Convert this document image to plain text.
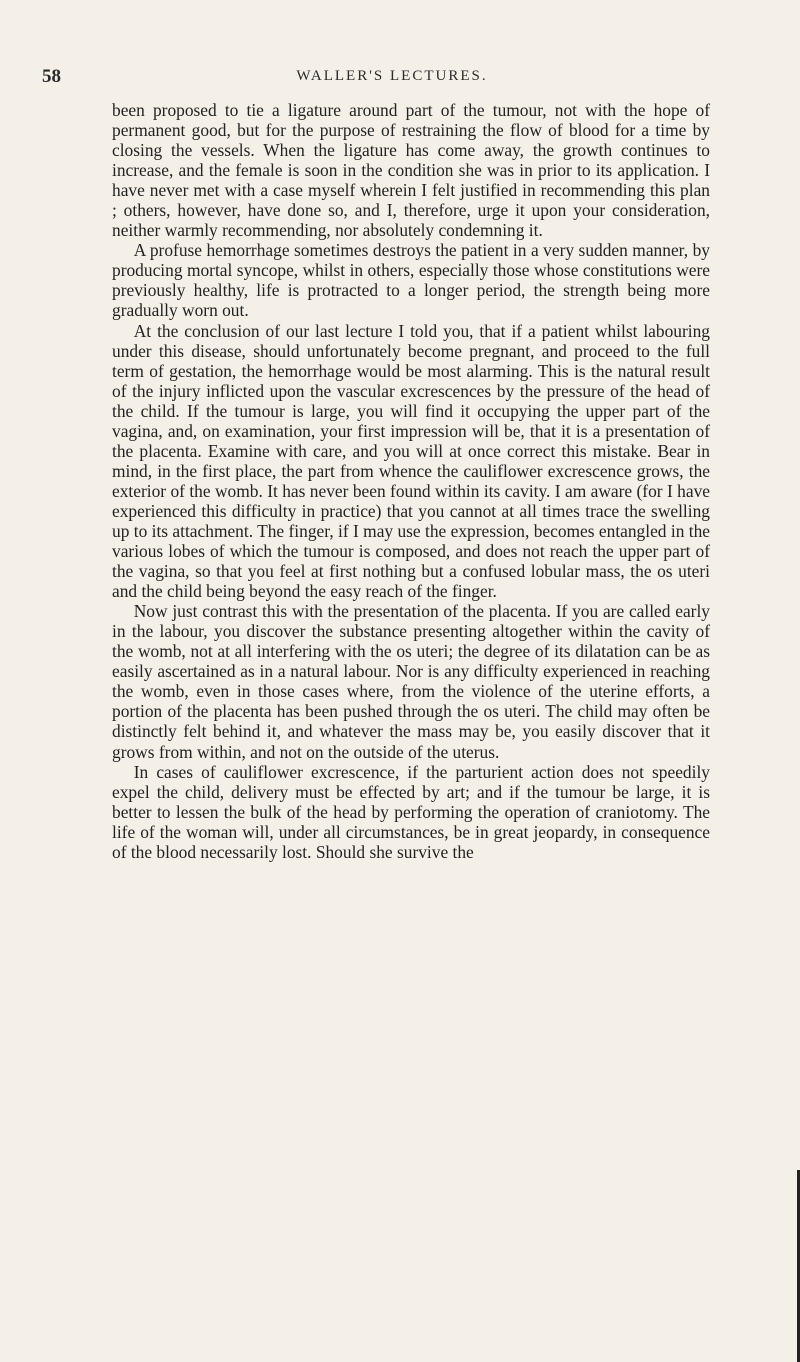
58	WALLER'S LECTURES.

been proposed to tie a ligature around part of the tumour, not with the hope of permanent good, but for the purpose of restraining the flow of blood for a time by closing the vessels. When the ligature has come away, the growth continues to increase, and the female is soon in the condition she was in prior to its application. I have never met with a case myself wherein I felt justified in recommending this plan ; others, however, have done so, and I, therefore, urge it upon your consideration, neither warmly recommending, nor absolutely condemning it.

A profuse hemorrhage sometimes destroys the patient in a very sudden manner, by producing mortal syncope, whilst in others, especially those whose constitutions were previously healthy, life is protracted to a longer period, the strength being more gradually worn out.

At the conclusion of our last lecture I told you, that if a patient whilst labouring under this disease, should unfortunately become pregnant, and proceed to the full term of gestation, the hemorrhage would be most alarming. This is the natural result of the injury inflicted upon the vascular excrescences by the pressure of the head of the child. If the tumour is large, you will find it occupying the upper part of the vagina, and, on examination, your first impression will be, that it is a presentation of the placenta. Examine with care, and you will at once correct this mistake. Bear in mind, in the first place, the part from whence the cauliflower excrescence grows, the exterior of the womb. It has never been found within its cavity. I am aware (for I have experienced this difficulty in practice) that you cannot at all times trace the swelling up to its attachment. The finger, if I may use the expression, becomes entangled in the various lobes of which the tumour is composed, and does not reach the upper part of the vagina, so that you feel at first nothing but a confused lobular mass, the os uteri and the child being beyond the easy reach of the finger.

Now just contrast this with the presentation of the placenta. If you are called early in the labour, you discover the substance presenting altogether within the cavity of the womb, not at all interfering with the os uteri; the degree of its dilatation can be as easily ascertained as in a natural labour. Nor is any difficulty experienced in reaching the womb, even in those cases where, from the violence of the uterine efforts, a portion of the placenta has been pushed through the os uteri. The child may often be distinctly felt behind it, and whatever the mass may be, you easily discover that it grows from within, and not on the outside of the uterus.

In cases of cauliflower excrescence, if the parturient action does not speedily expel the child, delivery must be effected by art; and if the tumour be large, it is better to lessen the bulk of the head by performing the operation of craniotomy. The life of the woman will, under all circumstances, be in great jeopardy, in consequence of the blood necessarily lost. Should she survive the
